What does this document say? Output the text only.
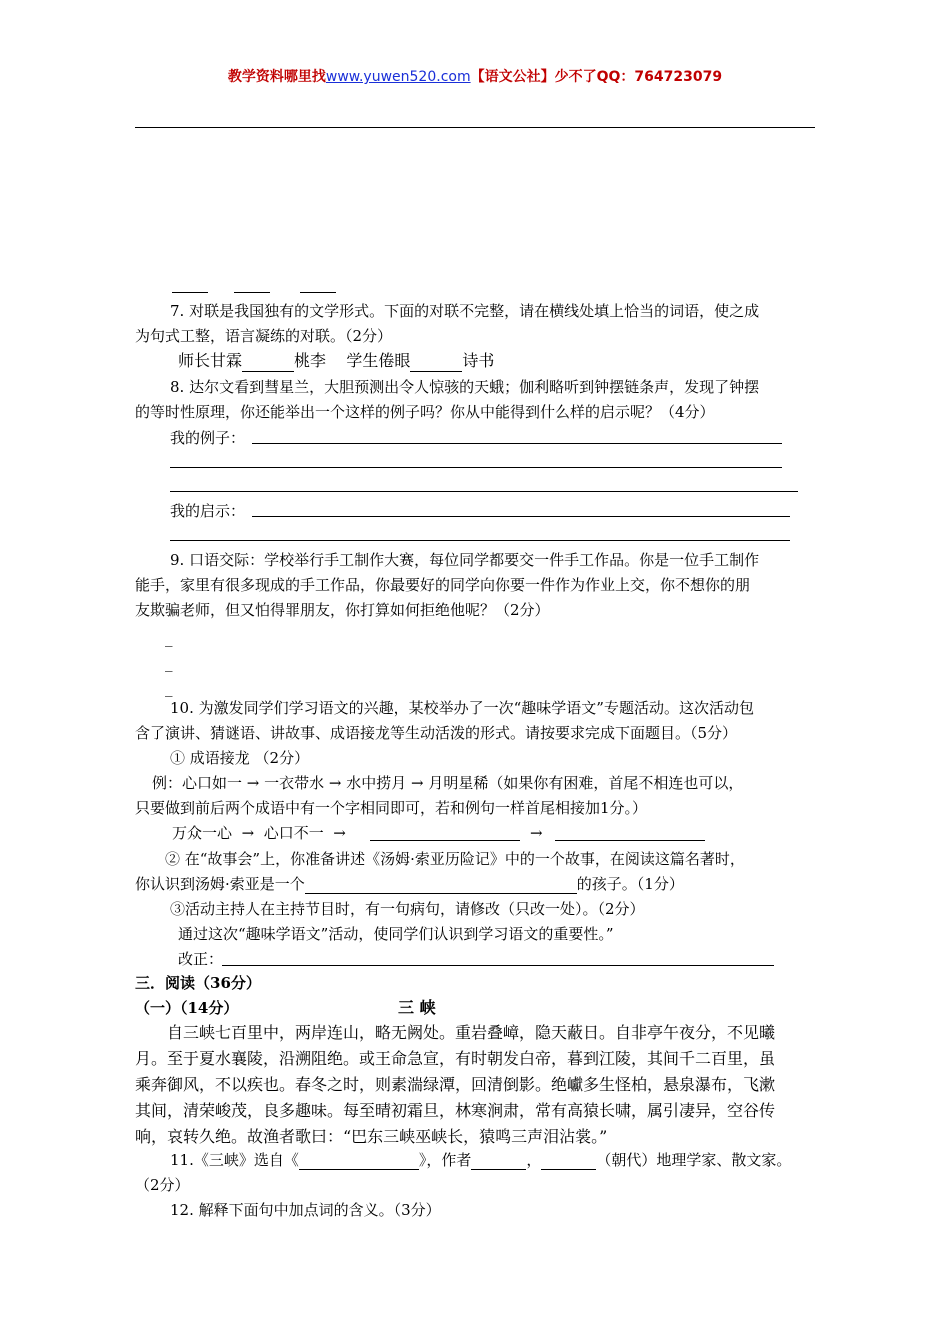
教学资料哪里找www.yuwen520.com【语文公社】少不了QQ：764723079
7. 对联是我国独有的文学形式。下面的对联不完整，请在横线处填上恰当的词语，使之成
为句式工整，语言凝练的对联。（2分）
师长甘霖	桃李 学生倦眼	诗书
8. 达尔文看到彗星兰，大胆预测出令人惊骇的天蛾；伽利略听到钟摆链条声，发现了钟摆
的等时性原理，你还能举出一个这样的例子吗？你从中能得到什么样的启示呢？（4分）
我的例子：
我的启示：
9. 口语交际：学校举行手工制作大赛，每位同学都要交一件手工作品。你是一位手工制作
能手，家里有很多现成的手工作品，你最要好的同学向你要一件作为作业上交，你不想你的朋
友欺骗老师，但又怕得罪朋友，你打算如何拒绝他呢？（2分）
_
_
_
10. 为激发同学们学习语文的兴趣，某校举办了一次“趣味学语文”专题活动。这次活动包
含了演讲、猜谜语、讲故事、成语接龙等生动活泼的形式。请按要求完成下面题目。（5分）
① 成语接龙 （2分）
例：心口如一 → 一衣带水 → 水中捞月 → 月明星稀（如果你有困难，首尾不相连也可以，
只要做到前后两个成语中有一个字相同即可，若和例句一样首尾相接加1分。）
万众一心 → 心口不一 →	→
② 在“故事会”上，你准备讲述《汤姆·索亚历险记》中的一个故事，在阅读这篇名著时，
你认识到汤姆·索亚是一个	的孩子。（1分）
③活动主持人在主持节目时，有一句病句，请修改（只改一处）。（2分）
通过这次“趣味学语文”活动，使同学们认识到学习语文的重要性。”
改正：
三．阅读（36分）
（一）（14分）	三 峡
自三峡七百里中，两岸连山，略无阙处。重岩叠嶂，隐天蔽日。自非亭午夜分，不见曦
月。至于夏水襄陵，沿溯阻绝。或王命急宣，有时朝发白帝，暮到江陵，其间千二百里，虽
乘奔御风，不以疾也。春冬之时，则素湍绿潭，回清倒影。绝巘多生怪柏，悬泉瀑布，飞漱
其间，清荣峻茂，良多趣味。每至晴初霜旦，林寒涧肃，常有高猿长啸，属引凄异，空谷传
响，哀转久绝。故渔者歌曰：“巴东三峡巫峡长，猿鸣三声泪沾裳。”
11.《三峡》选自《	》，作者	，	（朝代）地理学家、散文家。
（2分）
12. 解释下面句中加点词的含义。（3分）
